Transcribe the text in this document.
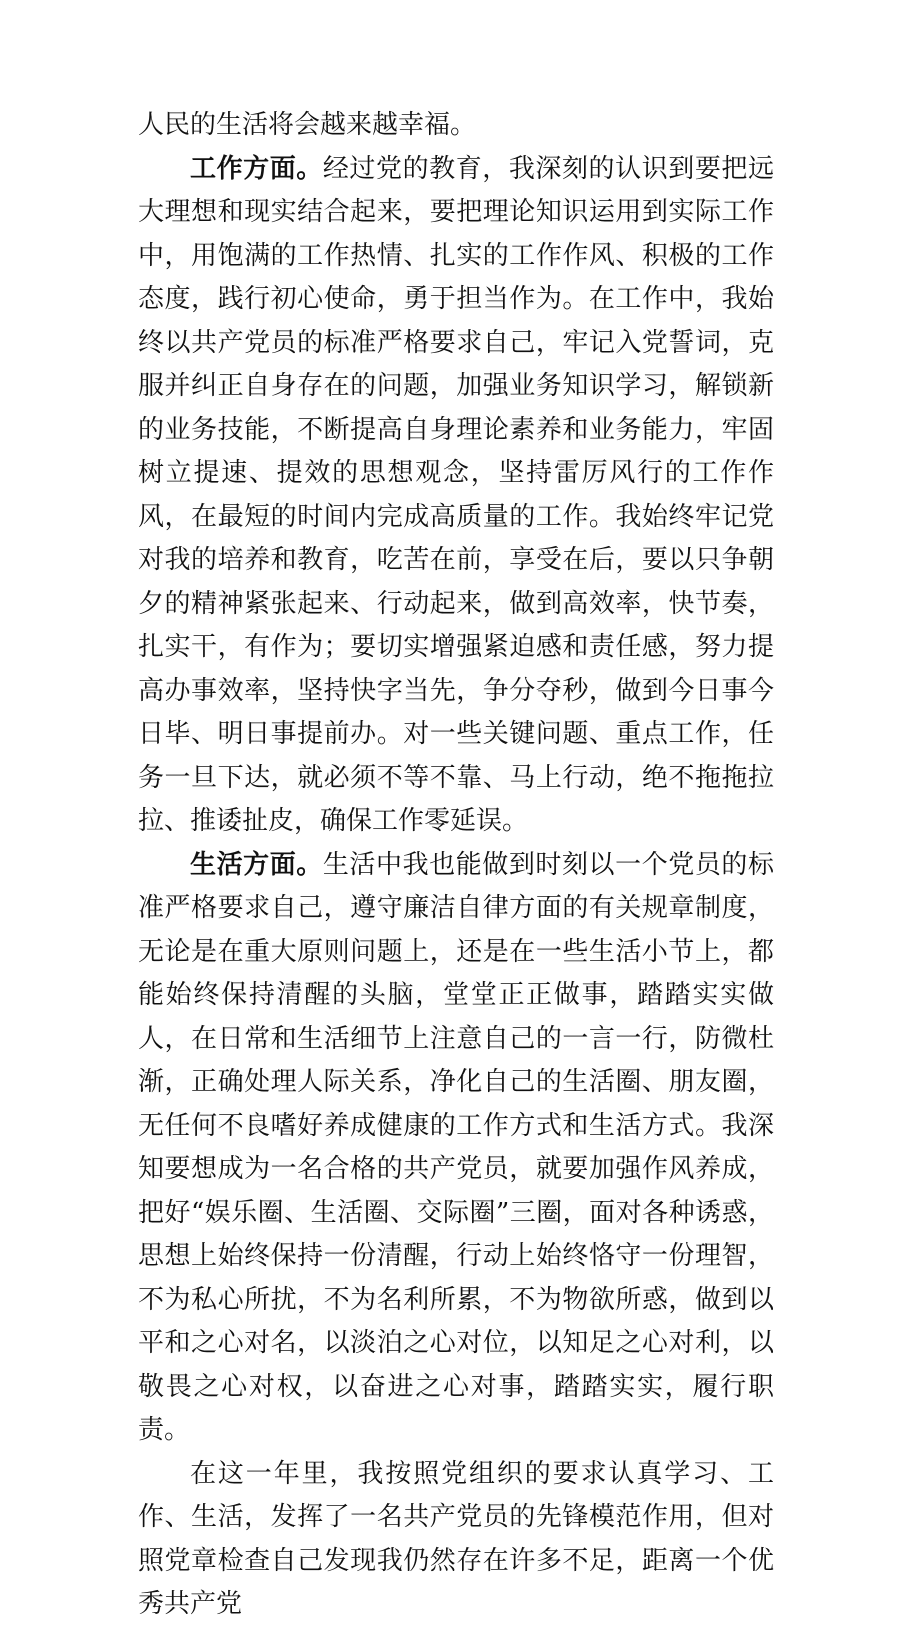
人民的生活将会越来越幸福。

工作方面。经过党的教育，我深刻的认识到要把远大理想和现实结合起来，要把理论知识运用到实际工作中，用饱满的工作热情、扎实的工作作风、积极的工作态度，践行初心使命，勇于担当作为。在工作中，我始终以共产党员的标准严格要求自己，牢记入党誓词，克服并纠正自身存在的问题，加强业务知识学习，解锁新的业务技能，不断提高自身理论素养和业务能力，牢固树立提速、提效的思想观念，坚持雷厉风行的工作作风，在最短的时间内完成高质量的工作。我始终牢记党对我的培养和教育，吃苦在前，享受在后，要以只争朝夕的精神紧张起来、行动起来，做到高效率，快节奏，扎实干，有作为；要切实增强紧迫感和责任感，努力提高办事效率，坚持快字当先，争分夺秒，做到今日事今日毕、明日事提前办。对一些关键问题、重点工作，任务一旦下达，就必须不等不靠、马上行动，绝不拖拖拉拉、推诿扯皮，确保工作零延误。

生活方面。生活中我也能做到时刻以一个党员的标准严格要求自己，遵守廉洁自律方面的有关规章制度，无论是在重大原则问题上，还是在一些生活小节上，都能始终保持清醒的头脑，堂堂正正做事，踏踏实实做人，在日常和生活细节上注意自己的一言一行，防微杜渐，正确处理人际关系，净化自己的生活圈、朋友圈，无任何不良嗜好养成健康的工作方式和生活方式。我深知要想成为一名合格的共产党员，就要加强作风养成，把好“娱乐圈、生活圈、交际圈”三圈，面对各种诱惑，思想上始终保持一份清醒，行动上始终恪守一份理智，不为私心所扰，不为名利所累，不为物欲所惑，做到以平和之心对名，以淡泊之心对位，以知足之心对利，以敬畏之心对权，以奋进之心对事，踏踏实实，履行职责。

在这一年里，我按照党组织的要求认真学习、工作、生活，发挥了一名共产党员的先锋模范作用，但对照党章检查自己发现我仍然存在许多不足，距离一个优秀共产党
